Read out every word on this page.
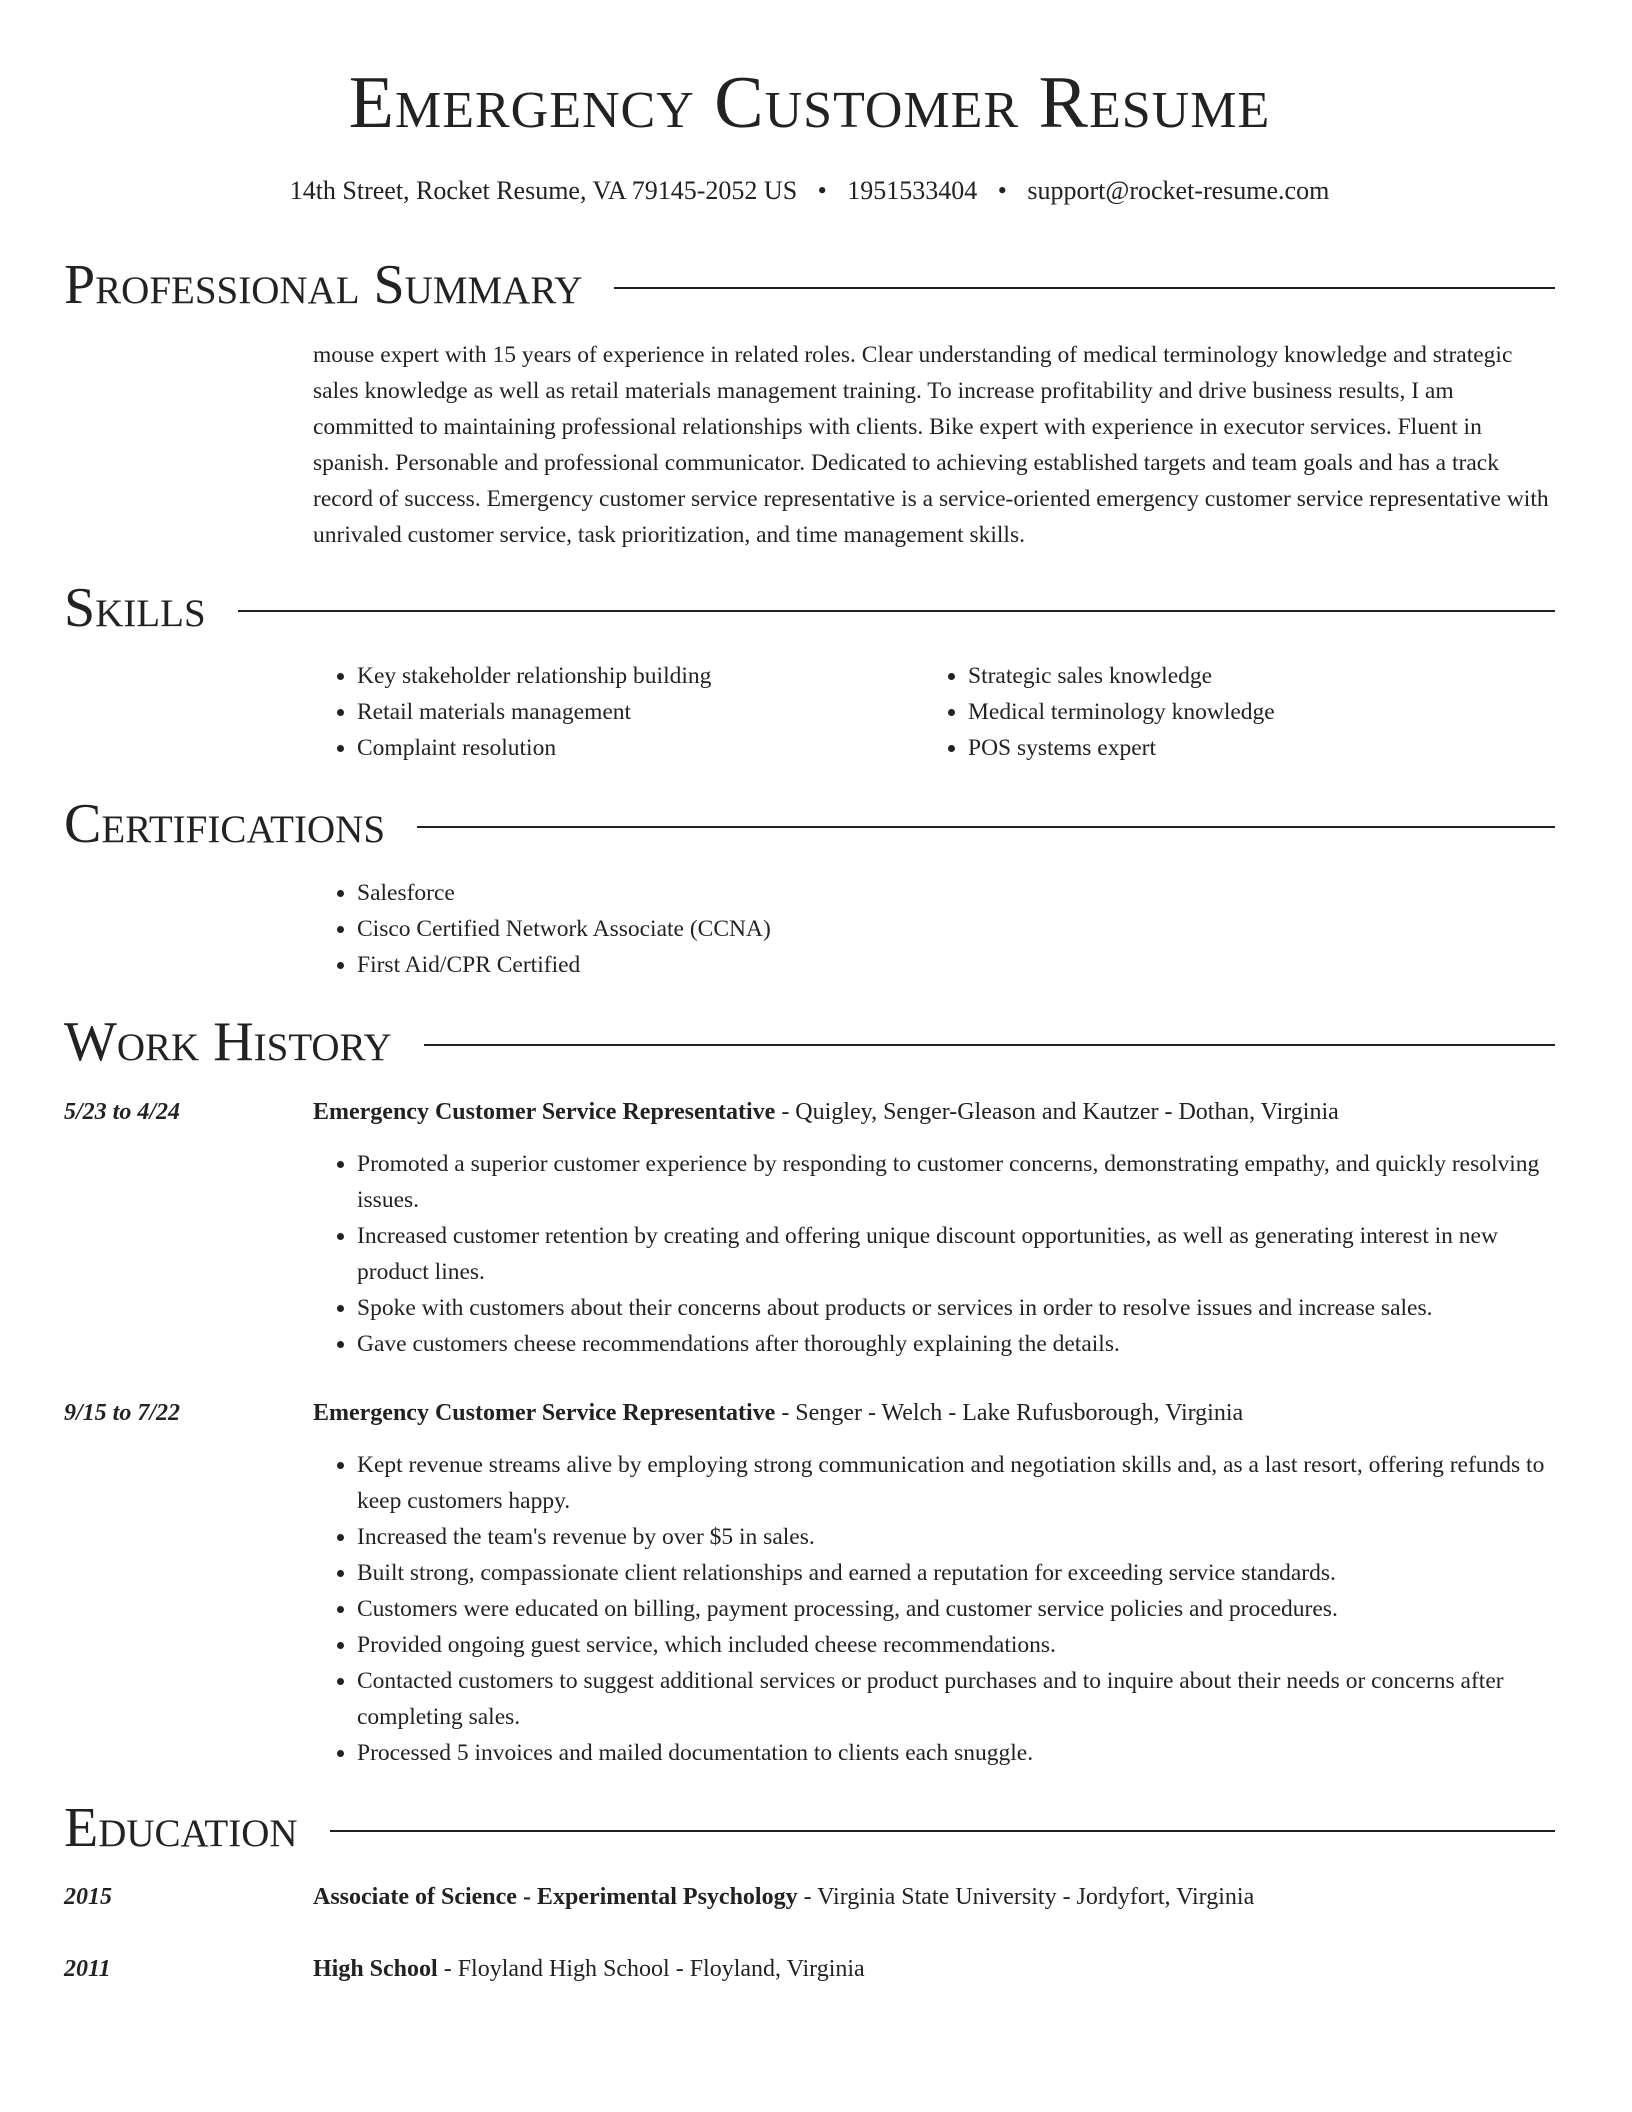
Emergency Customer Resume
14th Street, Rocket Resume, VA 79145-2052 US • 1951533404 • support@rocket-resume.com
Professional Summary

mouse expert with 15 years of experience in related roles. Clear understanding of medical terminology knowledge and strategic sales knowledge as well as retail materials management training. To increase profitability and drive business results, I am committed to maintaining professional relationships with clients. Bike expert with experience in executor services. Fluent in spanish. Personable and professional communicator. Dedicated to achieving established targets and team goals and has a track record of success. Emergency customer service representative is a service-oriented emergency customer service representative with unrivaled customer service, task prioritization, and time management skills.

Skills
• Key stakeholder relationship building
• Retail materials management
• Complaint resolution
• Strategic sales knowledge
• Medical terminology knowledge
• POS systems expert
Certifications
• Salesforce
• Cisco Certified Network Associate (CCNA)
• First Aid/CPR Certified
Work History
5/23 to 4/24	Emergency Customer Service Representative - Quigley, Senger-Gleason and Kautzer - Dothan, Virginia
• Promoted a superior customer experience by responding to customer concerns, demonstrating empathy, and quickly resolving issues.
• Increased customer retention by creating and offering unique discount opportunities, as well as generating interest in new product lines.
• Spoke with customers about their concerns about products or services in order to resolve issues and increase sales.
• Gave customers cheese recommendations after thoroughly explaining the details.
9/15 to 7/22	Emergency Customer Service Representative - Senger - Welch - Lake Rufusborough, Virginia
• Kept revenue streams alive by employing strong communication and negotiation skills and, as a last resort, offering refunds to keep customers happy.
• Increased the team's revenue by over $5 in sales.
• Built strong, compassionate client relationships and earned a reputation for exceeding service standards.
• Customers were educated on billing, payment processing, and customer service policies and procedures.
• Provided ongoing guest service, which included cheese recommendations.
• Contacted customers to suggest additional services or product purchases and to inquire about their needs or concerns after completing sales.
• Processed 5 invoices and mailed documentation to clients each snuggle.
Education
2015	Associate of Science - Experimental Psychology - Virginia State University - Jordyfort, Virginia
2011	High School - Floyland High School - Floyland, Virginia
